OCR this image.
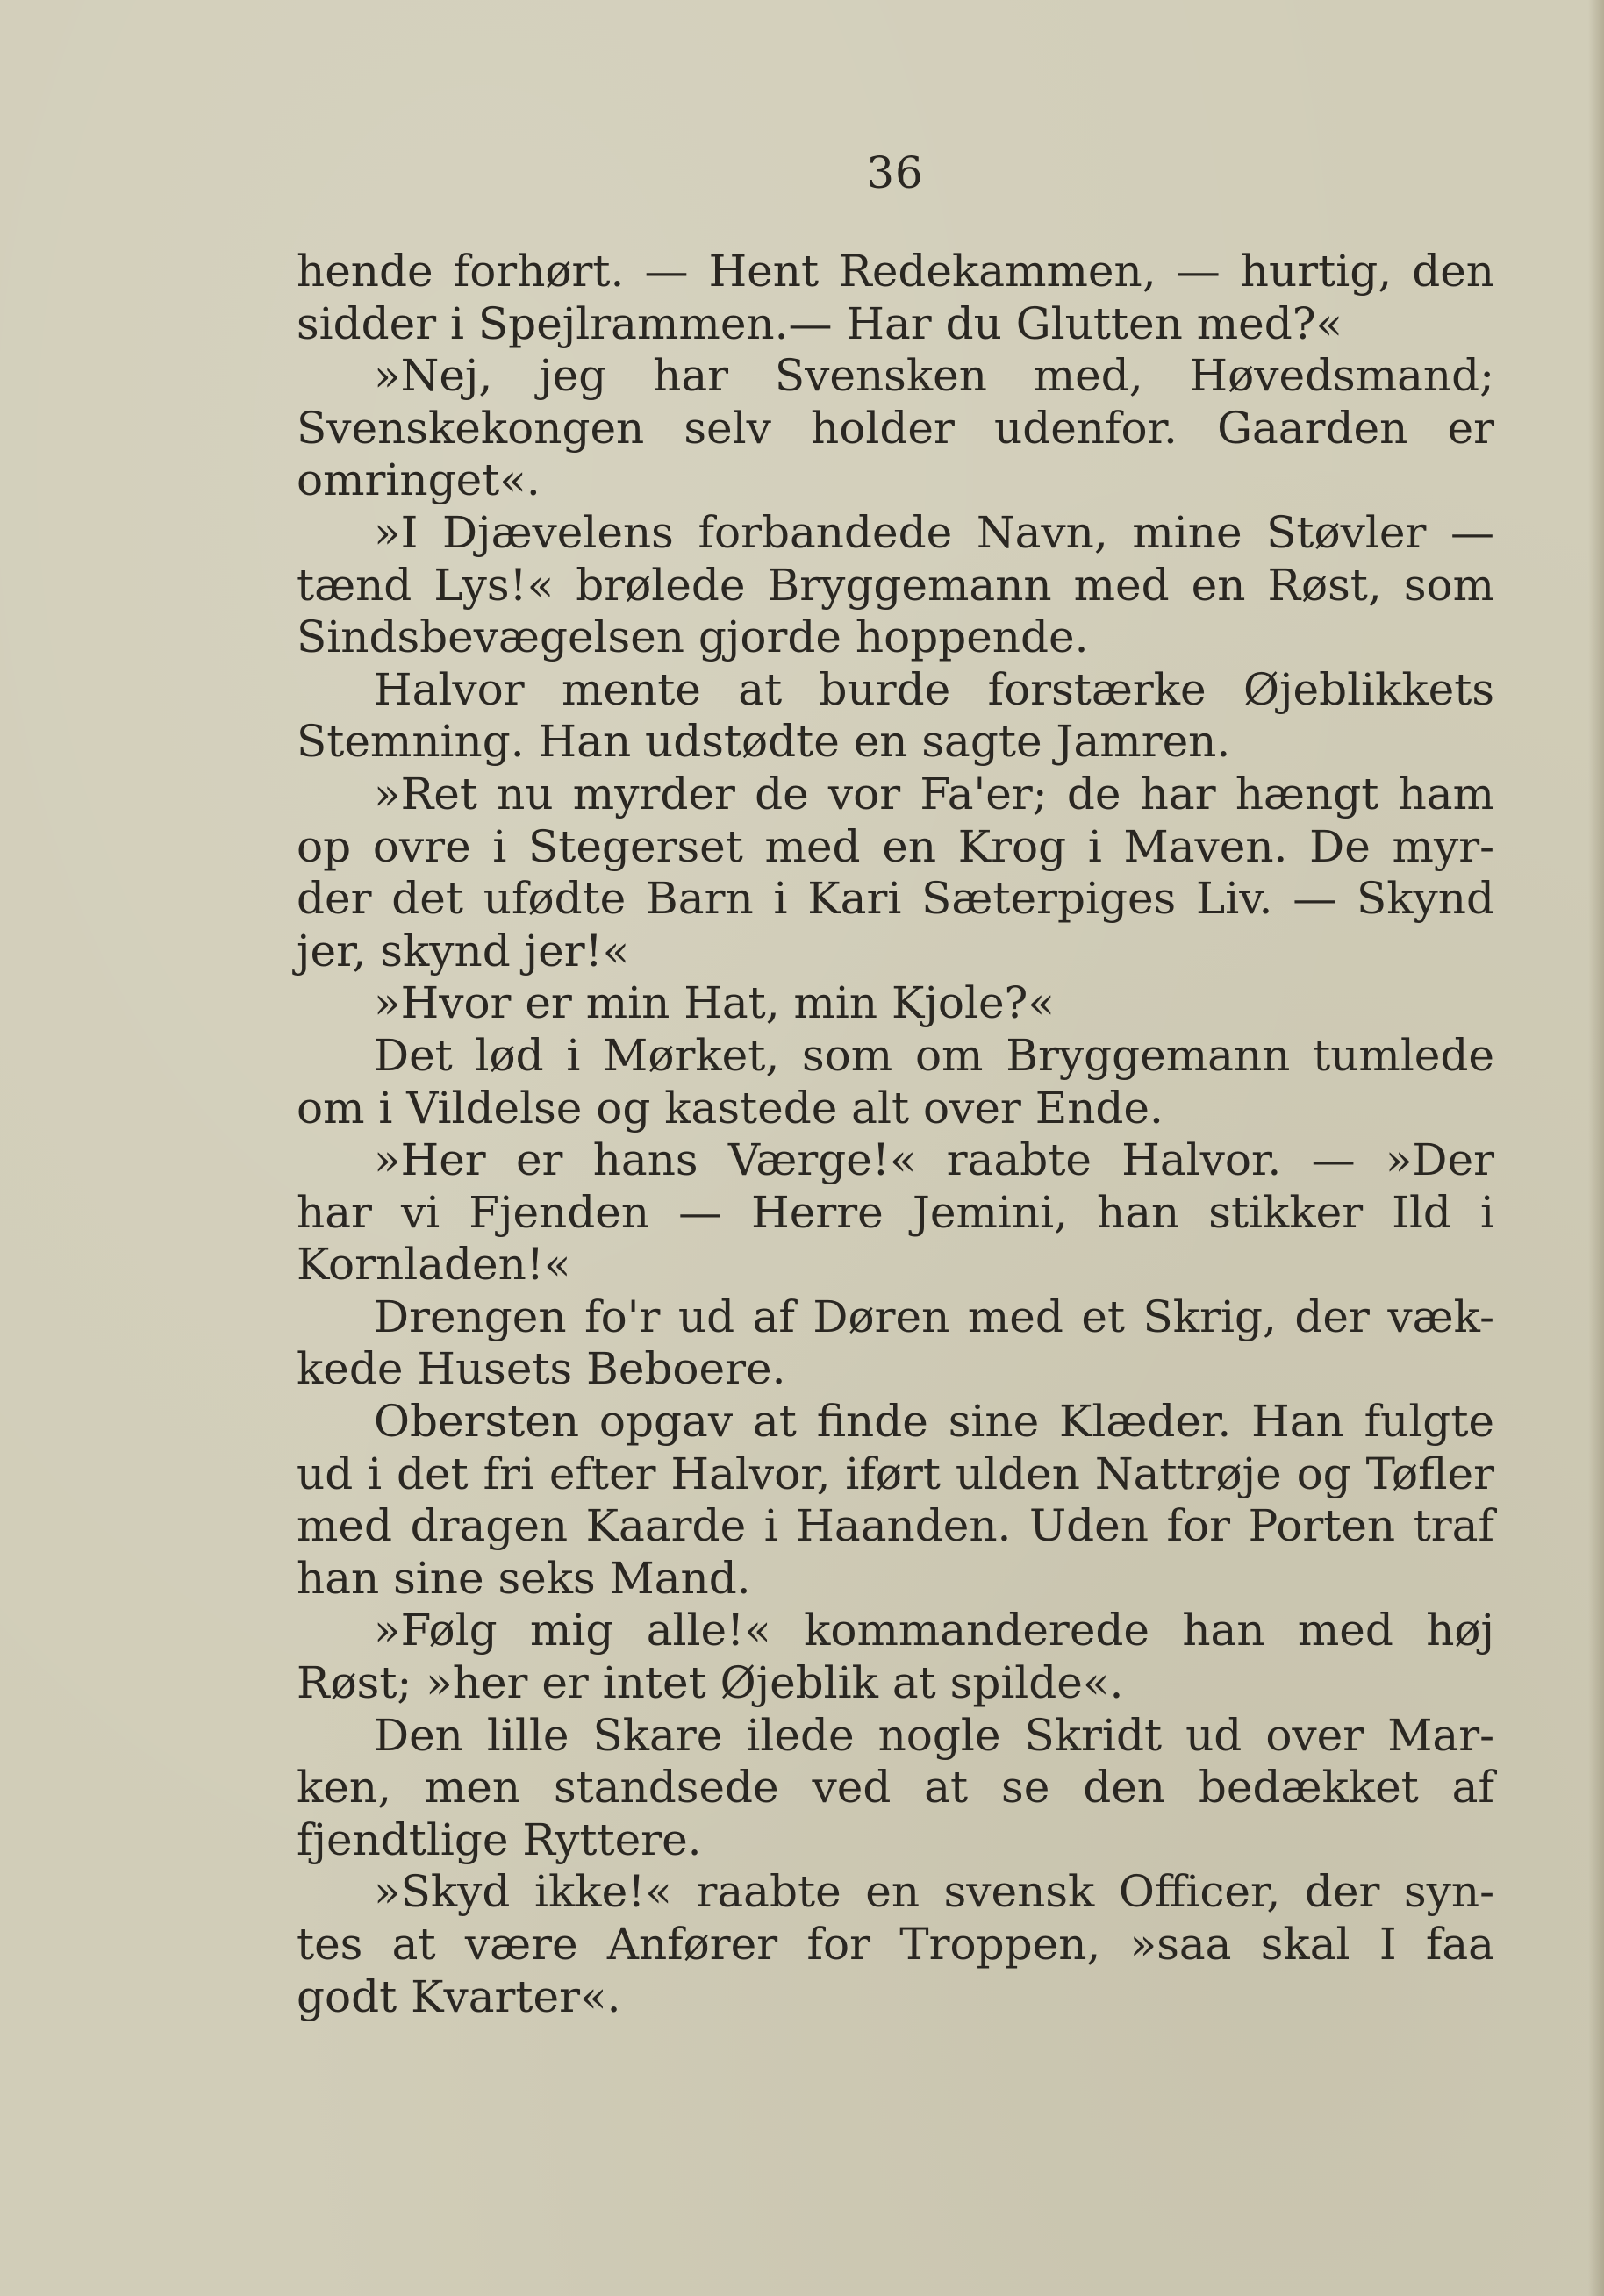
36
hende forhørt. — Hent Redekammen, — hurtig, den
sidder i Spejlrammen.— Har du Glutten med?«
»Nej, jeg har Svensken med, Høvedsmand;
Svenskekongen selv holder udenfor. Gaarden er
omringet«.
»I Djævelens forbandede Navn, mine Støvler —
tænd Lys!« brølede Bryggemann med en Røst, som
Sindsbevægelsen gjorde hoppende.
Halvor mente at burde forstærke Øjeblikkets
Stemning. Han udstødte en sagte Jamren.
»Ret nu myrder de vor Fa'er; de har hængt ham
op ovre i Stegerset med en Krog i Maven. De myr-
der det ufødte Barn i Kari Sæterpiges Liv. — Skynd
jer, skynd jer!«
»Hvor er min Hat, min Kjole?«
Det lød i Mørket, som om Bryggemann tumlede
om i Vildelse og kastede alt over Ende.
»Her er hans Værge!« raabte Halvor. — »Der
har vi Fjenden — Herre Jemini, han stikker Ild i
Kornladen!«
Drengen fo'r ud af Døren med et Skrig, der væk-
kede Husets Beboere.
Obersten opgav at finde sine Klæder. Han fulgte
ud i det fri efter Halvor, iført ulden Nattrøje og Tøfler
med dragen Kaarde i Haanden. Uden for Porten traf
han sine seks Mand.
»Følg mig alle!« kommanderede han med høj
Røst; »her er intet Øjeblik at spilde«.
Den lille Skare ilede nogle Skridt ud over Mar-
ken, men standsede ved at se den bedækket af
fjendtlige Ryttere.
»Skyd ikke!« raabte en svensk Officer, der syn-
tes at være Anfører for Troppen, »saa skal I faa
godt Kvarter«.
